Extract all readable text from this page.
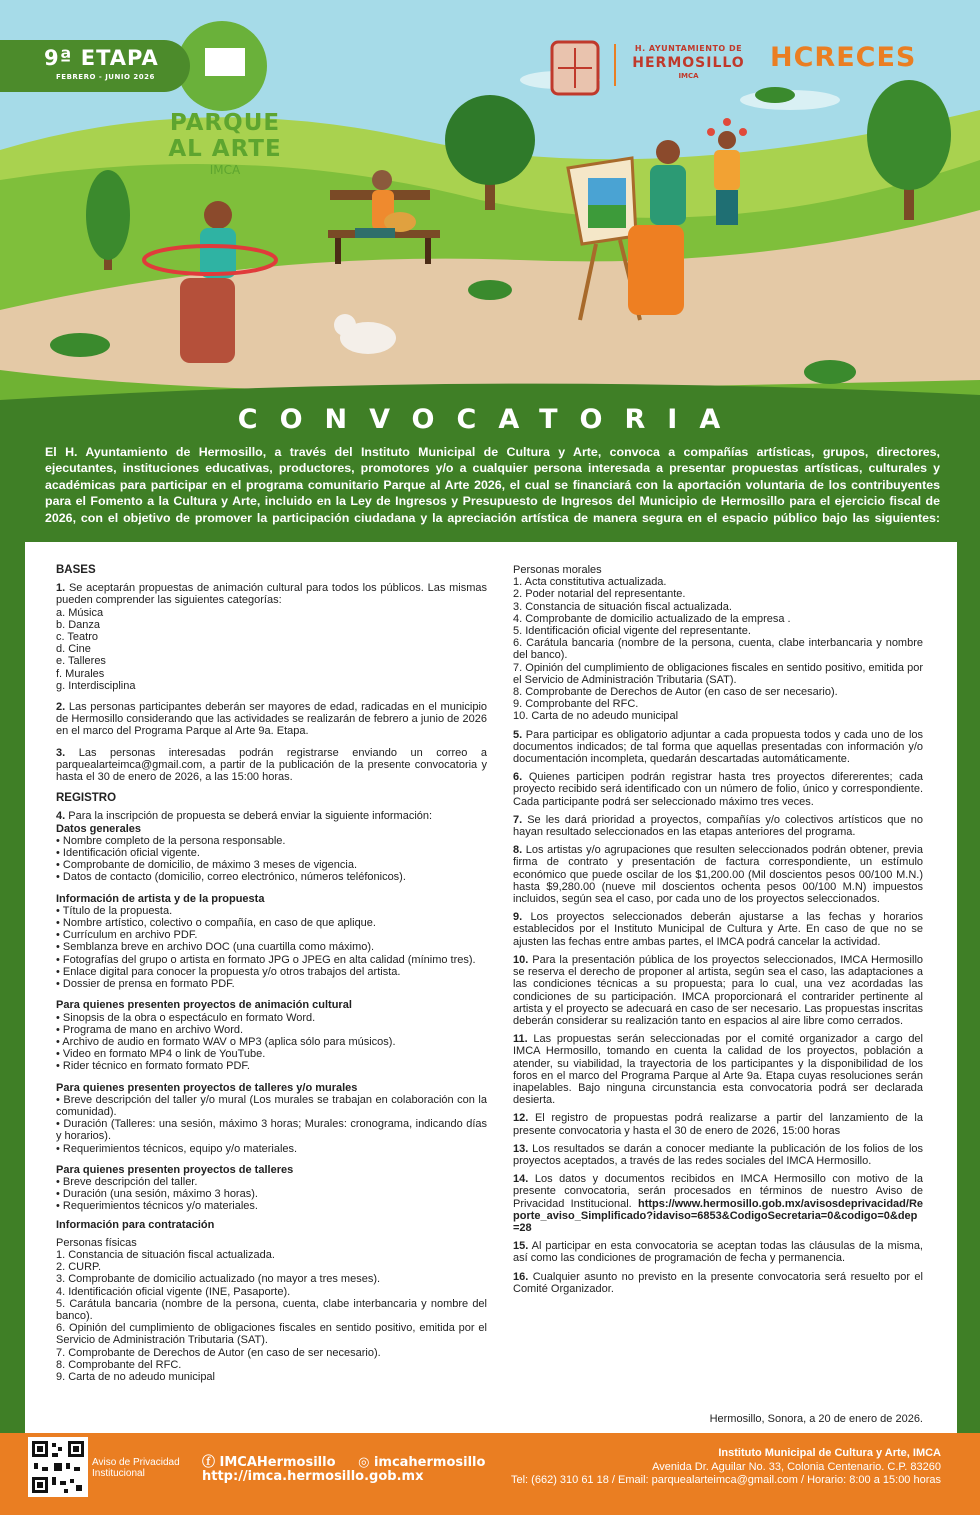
9ª ETAPA
FEBRERO - JUNIO 2026
PARQUE AL ARTE
IMCA
H. AYUNTAMIENTO DE
HERMOSILLO
IMCA
HCRECES
CONVOCATORIA
El H. Ayuntamiento de Hermosillo, a través del Instituto Municipal de Cultura y Arte, convoca a compañías artísticas, grupos, directores,
ejecutantes, instituciones educativas, productores, promotores y/o a cualquier persona interesada a presentar propuestas artísticas, culturales y
académicas para participar en el programa comunitario Parque al Arte 2026, el cual se financiará con la aportación voluntaria de los contribuyentes
para el Fomento a la Cultura y Arte, incluido en la Ley de Ingresos y Presupuesto de Ingresos del Municipio de Hermosillo para el ejercicio fiscal de
2026, con el objetivo de promover la participación ciudadana y la apreciación artística de manera segura en el espacio público bajo las siguientes:

BASES

1. Se aceptarán propuestas de animación cultural para todos los públicos. Las mismas pueden comprender las siguientes categorías:

a. Música

b. Danza

c. Teatro

d. Cine

e. Talleres

f. Murales

g. Interdisciplina

2. Las personas participantes deberán ser mayores de edad, radicadas en el municipio de Hermosillo considerando que las actividades se realizarán de febrero a junio de 2026 en el marco del Programa Parque al Arte 9a. Etapa.

3. Las personas interesadas podrán registrarse enviando un correo a parquealarteimca@gmail.com, a partir de la publicación de la presente convocatoria y hasta el 30 de enero de 2026, a las 15:00 horas.

REGISTRO

4. Para la inscripción de propuesta se deberá enviar la siguiente información:

Datos generales

• Nombre completo de la persona responsable.

• Identificación oficial vigente.

• Comprobante de domicilio, de máximo 3 meses de vigencia.

• Datos de contacto (domicilio, correo electrónico, números teléfonicos).

Información de artista y de la propuesta

• Título de la propuesta.

• Nombre artístico, colectivo o compañía, en caso de que aplique.

• Currículum en archivo PDF.

• Semblanza breve en archivo DOC (una cuartilla como máximo).

• Fotografías del grupo o artista en formato JPG o JPEG en alta calidad (mínimo tres).

• Enlace digital para conocer la propuesta y/o otros trabajos del artista.

• Dossier de prensa en formato PDF.

Para quienes presenten proyectos de animación cultural

• Sinopsis de la obra o espectáculo en formato Word.

• Programa de mano en archivo Word.

• Archivo de audio en formato WAV o MP3 (aplica sólo para músicos).

• Video en formato MP4 o link de YouTube.

• Rider técnico en formato formato PDF.

Para quienes presenten proyectos de talleres y/o murales

• Breve descripción del taller y/o mural (Los murales se trabajan en colaboración con la comunidad).

• Duración (Talleres: una sesión, máximo 3 horas; Murales: cronograma, indicando días y horarios).

• Requerimientos técnicos, equipo y/o materiales.

Para quienes presenten proyectos de talleres

• Breve descripción del taller.

• Duración (una sesión, máximo 3 horas).

• Requerimientos técnicos y/o materiales.

Información para contratación

Personas físicas

1. Constancia de situación fiscal actualizada.

2. CURP.

3. Comprobante de domicilio actualizado (no mayor a tres meses).

4. Identificación oficial vigente (INE, Pasaporte).

5. Carátula bancaria (nombre de la persona, cuenta, clabe interbancaria y nombre del banco).

6. Opinión del cumplimiento de obligaciones fiscales en sentido positivo, emitida por el Servicio de Administración Tributaria (SAT).

7. Comprobante de Derechos de Autor (en caso de ser necesario).

8. Comprobante del RFC.

9. Carta de no adeudo municipal

Personas morales

1. Acta constitutiva actualizada.

2. Poder notarial del representante.

3. Constancia de situación fiscal actualizada.

4. Comprobante de domicilio actualizado de la empresa .

5. Identificación oficial vigente del representante.

6. Carátula bancaria (nombre de la persona, cuenta, clabe interbancaria y nombre del banco).

7. Opinión del cumplimiento de obligaciones fiscales en sentido positivo, emitida por el Servicio de Administración Tributaria (SAT).

8. Comprobante de Derechos de Autor (en caso de ser necesario).

9. Comprobante del RFC.

10. Carta de no adeudo municipal

5. Para participar es obligatorio adjuntar a cada propuesta todos y cada uno de los documentos indicados; de tal forma que aquellas presentadas con información y/o documentación incompleta, quedarán descartadas automáticamente.

6. Quienes participen podrán registrar hasta tres proyectos difererentes; cada proyecto recibido será identificado con un número de folio, único y correspondiente. Cada participante podrá ser seleccionado máximo tres veces.

7. Se les dará prioridad a proyectos, compañías y/o colectivos artísticos que no hayan resultado seleccionados en las etapas anteriores del programa.

8. Los artistas y/o agrupaciones que resulten seleccionados podrán obtener, previa firma de contrato y presentación de factura correspondiente, un estímulo económico que puede oscilar de los $1,200.00 (Mil doscientos pesos 00/100 M.N.) hasta $9,280.00 (nueve mil doscientos ochenta pesos 00/100 M.N) impuestos incluidos, según sea el caso, por cada uno de los proyectos seleccionados.

9. Los proyectos seleccionados deberán ajustarse a las fechas y horarios establecidos por el Instituto Municipal de Cultura y Arte. En caso de que no se ajusten las fechas entre ambas partes, el IMCA podrá cancelar la actividad.

10. Para la presentación pública de los proyectos seleccionados, IMCA Hermosillo se reserva el derecho de proponer al artista, según sea el caso, las adaptaciones a las condiciones técnicas a su propuesta; para lo cual, una vez acordadas las condiciones de su participación. IMCA proporcionará el contrarider pertinente al artista y el proyecto se adecuará en caso de ser necesario. Las propuestas inscritas deberán considerar su realización tanto en espacios al aire libre como cerrados.

11. Las propuestas serán seleccionadas por el comité organizador a cargo del IMCA Hermosillo, tomando en cuenta la calidad de los proyectos, población a atender, su viabilidad, la trayectoria de los participantes y la disponibilidad de los foros en el marco del Programa Parque al Arte 9a. Etapa cuyas resoluciones serán inapelables. Bajo ninguna circunstancia esta convocatoria podrá ser declarada desierta.

12. El registro de propuestas podrá realizarse a partir del lanzamiento de la presente convocatoria y hasta el 30 de enero de 2026, 15:00 horas

13. Los resultados se darán a conocer mediante la publicación de los folios de los proyectos aceptados, a través de las redes sociales del IMCA Hermosillo.

14. Los datos y documentos recibidos en IMCA Hermosillo con motivo de la presente convocatoria, serán procesados en términos de nuestro Aviso de Privacidad Institucional. https://www.hermosillo.gob.mx/avisosdeprivacidad/Reporte_aviso_Simplificado?idaviso=6853&CodigoSecretaria=0&codigo=0&dep=28

15. Al participar en esta convocatoria se aceptan todas las cláusulas de la misma, así como las condiciones de programación de fecha y permanencia.

16. Cualquier asunto no previsto en la presente convocatoria será resuelto por el Comité Organizador.

Hermosillo, Sonora, a 20 de enero de 2026.
Aviso de Privacidad Institucional
ⓕ IMCAHermosillo ◎ imcahermosillo
http://imca.hermosillo.gob.mx
Instituto Municipal de Cultura y Arte, IMCA
Avenida Dr. Aguilar No. 33, Colonia Centenario. C.P. 83260
Tel: (662) 310 61 18 / Email: parquealarteimca@gmail.com / Horario: 8:00 a 15:00 horas
